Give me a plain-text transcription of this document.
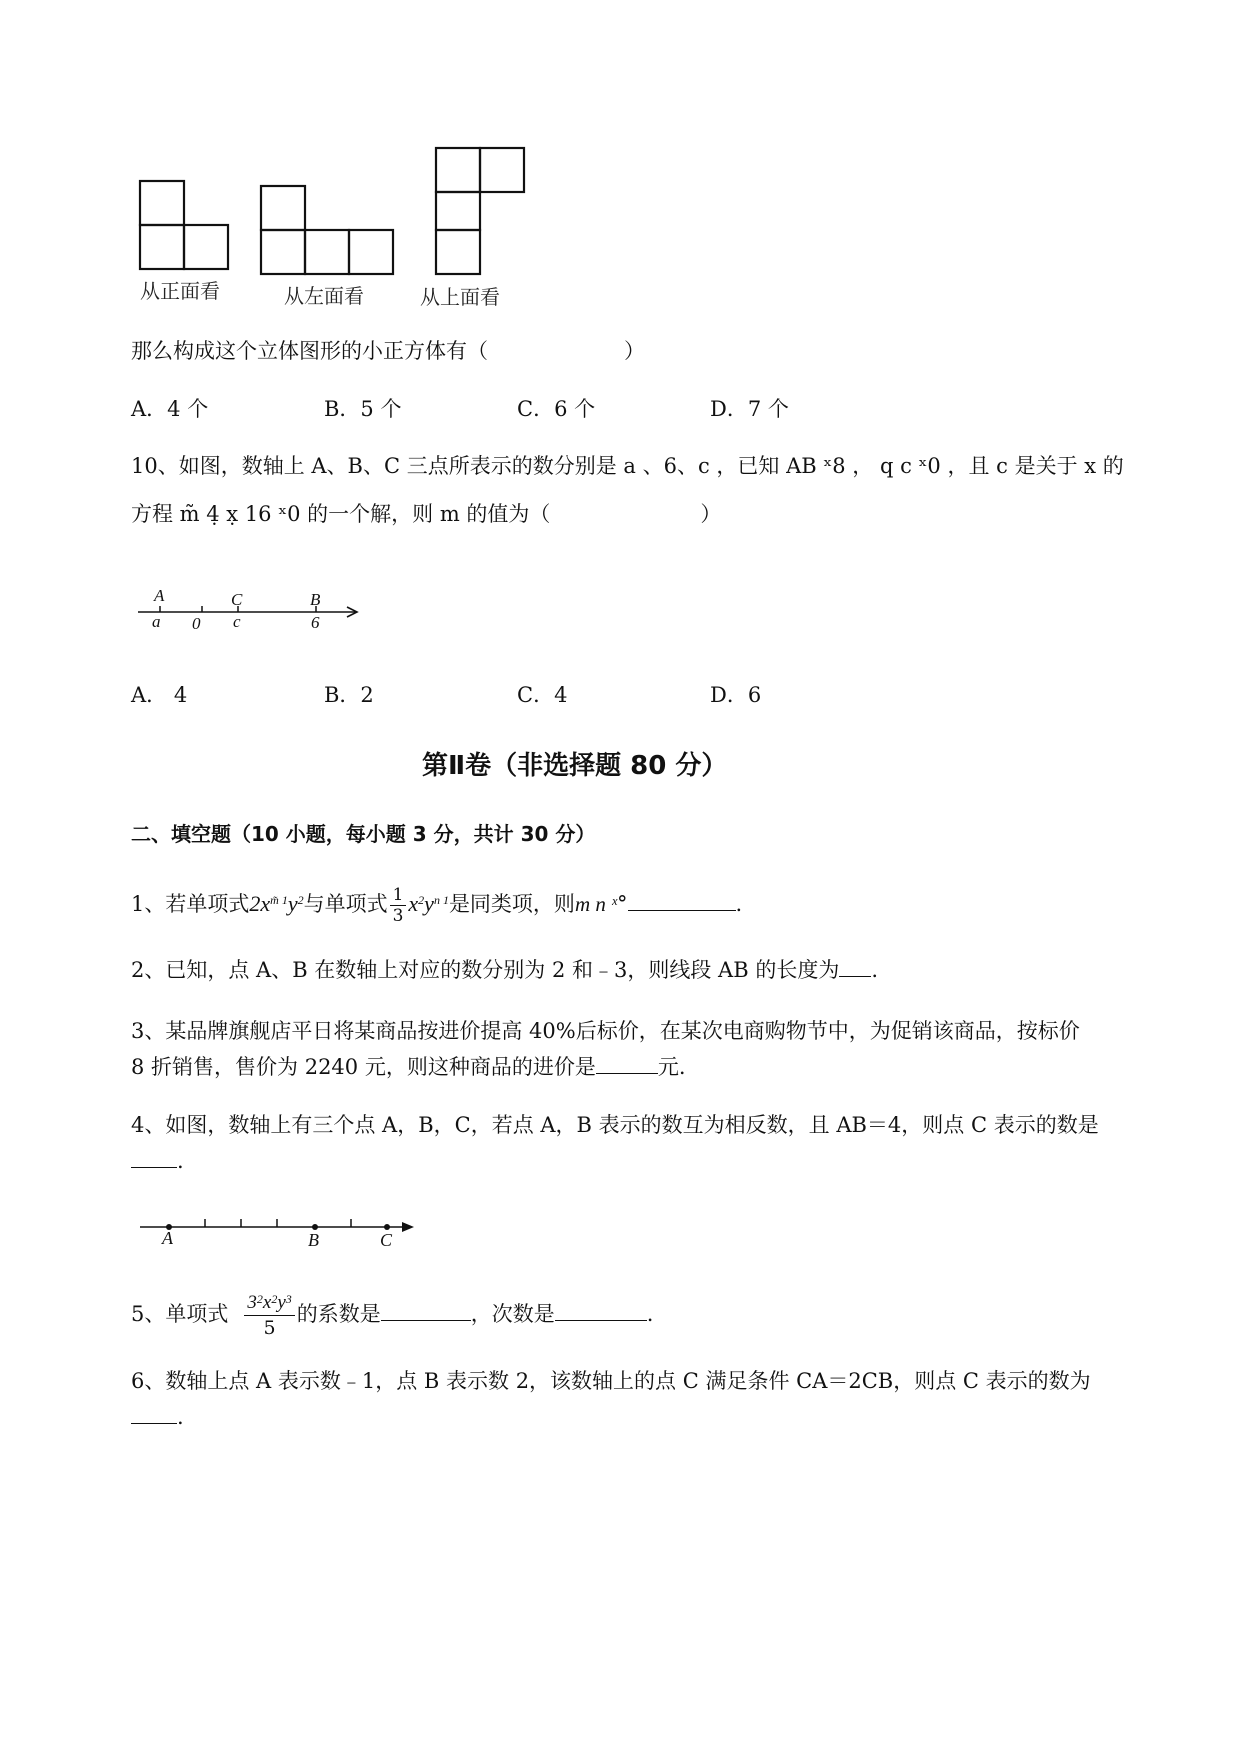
从正面看	从左面看	从上面看
那么构成这个立体图形的小正方体有（	）
A．4 个	B．5 个	C．6 个	D．7 个
10、如图，数轴上 A、B、C 三点所表示的数分别是 a 、6、c ，已知 AB ˣ8 ， q c ˣ0 ，且 c 是关于 x 的
方程 m̃ 4̣ x̣ 16 ˣ0 的一个解，则 m 的值为（	）
A	C	B
a 0 c	6
A． 4	B．2	C．4	D．6
第Ⅱ卷（非选择题 80 分）
二、填空题（10 小题，每小题 3 分，共计 30 分）
1、若单项式$2x^{m̃}$ $^1y^2$与单项式 $\frac{1}{3} x^2y^n$ $^1$是同类项，则m n ˣ°	.
2、已知，点 A、B 在数轴上对应的数分别为 2 和﹣3，则线段 AB 的长度为 .
3、某品牌旗舰店平日将某商品按进价提高 40%后标价，在某次电商购物节中，为促销该商品，按标价
8 折销售，售价为 2240 元，则这种商品的进价是	元.
4、如图，数轴上有三个点 A，B，C，若点 A，B 表示的数互为相反数，且 AB＝4，则点 C 表示的数是
.
A	B	C
5、单项式 $\frac{3^2x^2y^3}{5}$ 的系数是	，次数是	.
6、数轴上点 A 表示数﹣1，点 B 表示数 2，该数轴上的点 C 满足条件 CA＝2CB，则点 C 表示的数为
.
